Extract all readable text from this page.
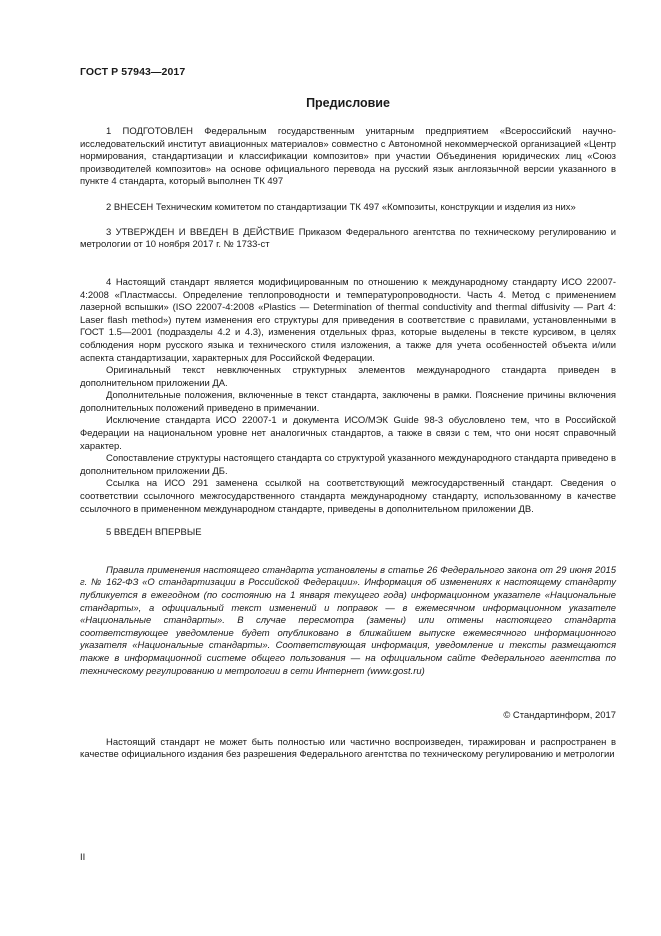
ГОСТ Р 57943—2017
Предисловие

1 ПОДГОТОВЛЕН Федеральным государственным унитарным предприятием «Всероссийский научно-исследовательский институт авиационных материалов» совместно с Автономной некоммерческой организацией «Центр нормирования, стандартизации и классификации композитов» при участии Объединения юридических лиц «Союз производителей композитов» на основе официального перевода на русский язык англоязычной версии указанного в пункте 4 стандарта, который выполнен ТК 497

2 ВНЕСЕН Техническим комитетом по стандартизации ТК 497 «Композиты, конструкции и изделия из них»

3 УТВЕРЖДЕН И ВВЕДЕН В ДЕЙСТВИЕ Приказом Федерального агентства по техническому регулированию и метрологии от 10 ноября 2017 г. № 1733-ст

4 Настоящий стандарт является модифицированным по отношению к международному стандарту ИСО 22007-4:2008 «Пластмассы. Определение теплопроводности и температуропроводности. Часть 4. Метод с применением лазерной вспышки» (ISO 22007-4:2008 «Plastics — Determination of thermal conductivity and thermal diffusivity — Part 4: Laser flash method») путем изменения его структуры для приведения в соответствие с правилами, установленными в ГОСТ 1.5—2001 (подразделы 4.2 и 4.3), изменения отдельных фраз, которые выделены в тексте курсивом, в целях соблюдения норм русского языка и технического стиля изложения, а также для учета особенностей объекта и/или аспекта стандартизации, характерных для Российской Федерации.

Оригинальный текст невключенных структурных элементов международного стандарта приведен в дополнительном приложении ДА.

Дополнительные положения, включенные в текст стандарта, заключены в рамки. Пояснение причины включения дополнительных положений приведено в примечании.

Исключение стандарта ИСО 22007-1 и документа ИСО/МЭК Guide 98-3 обусловлено тем, что в Российской Федерации на национальном уровне нет аналогичных стандартов, а также в связи с тем, что они носят справочный характер.

Сопоставление структуры настоящего стандарта со структурой указанного международного стандарта приведено в дополнительном приложении ДБ.

Ссылка на ИСО 291 заменена ссылкой на соответствующий межгосударственный стандарт. Сведения о соответствии ссылочного межгосударственного стандарта международному стандарту, использованному в качестве ссылочного в примененном международном стандарте, приведены в дополнительном приложении ДВ.

5 ВВЕДЕН ВПЕРВЫЕ

Правила применения настоящего стандарта установлены в статье 26 Федерального закона от 29 июня 2015 г. № 162-ФЗ «О стандартизации в Российской Федерации». Информация об изменениях к настоящему стандарту публикуется в ежегодном (по состоянию на 1 января текущего года) информационном указателе «Национальные стандарты», а официальный текст изменений и поправок — в ежемесячном информационном указателе «Национальные стандарты». В случае пересмотра (замены) или отмены настоящего стандарта соответствующее уведомление будет опубликовано в ближайшем выпуске ежемесячного информационного указателя «Национальные стандарты». Соответствующая информация, уведомление и тексты размещаются также в информационной системе общего пользования — на официальном сайте Федерального агентства по техническому регулированию и метрологии в сети Интернет (www.gost.ru)

© Стандартинформ, 2017

Настоящий стандарт не может быть полностью или частично воспроизведен, тиражирован и распространен в качестве официального издания без разрешения Федерального агентства по техническому регулированию и метрологии

II
